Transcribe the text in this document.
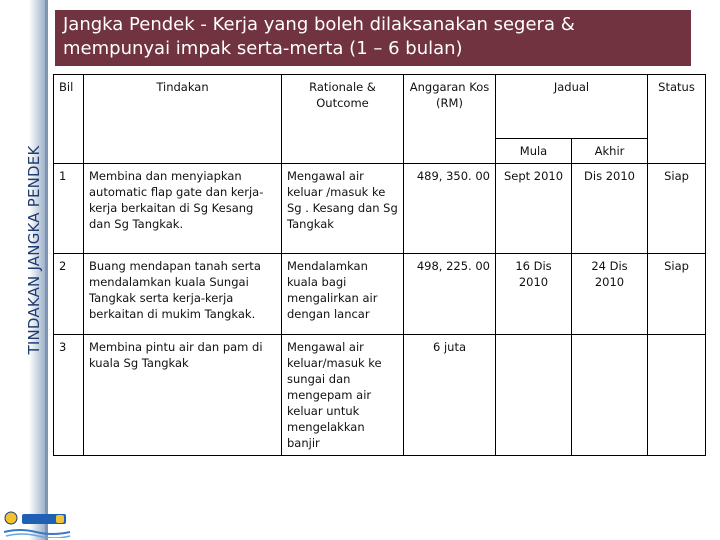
TINDAKAN JANGKA PENDEK
Jangka Pendek - Kerja yang boleh dilaksanakan segera &
mempunyai impak serta-merta (1 – 6 bulan)
Bil	Tindakan	Rationale & Outcome	Anggaran Kos (RM)	Jadual		Status
				Mula	Akhir	
1	Membina dan menyiapkan automatic flap gate dan kerja-kerja berkaitan di Sg Kesang dan Sg Tangkak.	Mengawal air keluar /masuk ke Sg . Kesang dan Sg Tangkak	489, 350. 00	Sept 2010	Dis 2010	Siap
2	Buang mendapan tanah serta mendalamkan kuala Sungai Tangkak serta kerja-kerja berkaitan di mukim Tangkak.	Mendalamkan kuala bagi mengalirkan air dengan lancar	498, 225. 00	16 Dis 2010	24 Dis 2010	Siap
3	Membina pintu air dan pam di kuala Sg Tangkak	Mengawal air keluar/masuk ke sungai dan mengepam air keluar untuk mengelakkan banjir	6 juta			
